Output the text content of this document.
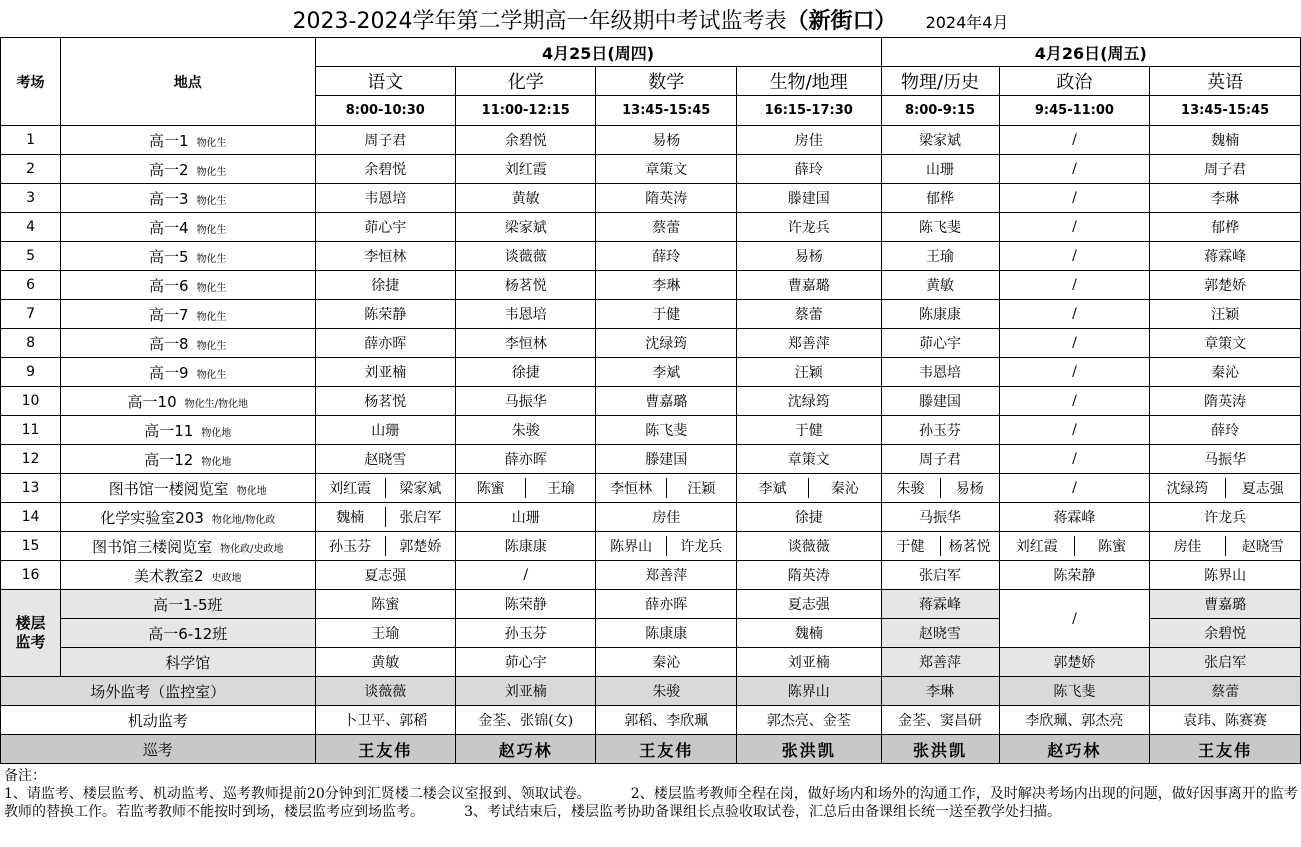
2023-2024学年第二学期高一年级期中考试监考表（新街口） 2024年4月
考场	地点	4月25日(周四)				4月26日(周五)		
		语文	化学	数学	生物/地理	物理/历史	政治	英语
		8:00-10:30	11:00-12:15	13:45-15:45	16:15-17:30	8:00-9:15	9:45-11:00	13:45-15:45
1	高一1 物化生	周子君	余碧悦	易杨	房佳	梁家斌	/	魏楠
2	高一2 物化生	余碧悦	刘红霞	章策文	薛玲	山珊	/	周子君
3	高一3 物化生	韦恩培	黄敏	隋英涛	滕建国	郁桦	/	李琳
4	高一4 物化生	茆心宇	梁家斌	蔡蕾	许龙兵	陈飞斐	/	郁桦
5	高一5 物化生	李恒林	谈薇薇	薛玲	易杨	王瑜	/	蒋霖峰
6	高一6 物化生	徐捷	杨茗悦	李琳	曹嘉璐	黄敏	/	郭楚娇
7	高一7 物化生	陈荣静	韦恩培	于健	蔡蕾	陈康康	/	汪颖
8	高一8 物化生	薛亦晖	李恒林	沈绿筠	郑善萍	茆心宇	/	章策文
9	高一9 物化生	刘亚楠	徐捷	李斌	汪颖	韦恩培	/	秦沁
10	高一10 物化生/物化地	杨茗悦	马振华	曹嘉璐	沈绿筠	滕建国	/	隋英涛
11	高一11 物化地	山珊	朱骏	陈飞斐	于健	孙玉芬	/	薛玲
12	高一12 物化地	赵晓雪	薛亦晖	滕建国	章策文	周子君	/	马振华
13	图书馆一楼阅览室 物化地	刘红霞 梁家斌	陈蜜 王瑜	李恒林 汪颖	李斌 秦沁	朱骏 易杨	/	沈绿筠 夏志强

14	化学实验室203 物化地/物化政	魏楠 张启军	山珊	房佳	徐捷	马振华	蒋霖峰	许龙兵
15	图书馆三楼阅览室 物化政/史政地	孙玉芬 郭楚娇	陈康康	陈界山 许龙兵	谈薇薇	于健 杨茗悦	刘红霞 陈蜜	房佳 赵晓雪

16	美术教室2 史政地	夏志强	/	郑善萍	隋英涛	张启军	陈荣静	陈界山
楼层监考	高一1-5班	陈蜜	陈荣静	薛亦晖	夏志强	蒋霖峰	/	曹嘉璐
	高一6-12班	王瑜	孙玉芬	陈康康	魏楠	赵晓雪		余碧悦
	科学馆	黄敏	茆心宇	秦沁	刘亚楠	郑善萍	郭楚娇	张启军
场外监考（监控室）		谈薇薇	刘亚楠	朱骏	陈界山	李琳	陈飞斐	蔡蕾
机动监考		卜卫平、郭稻	金荃、张锦(女)	郭稻、李欣珮	郭杰亮、金荃	金荃、窦昌研	李欣珮、郭杰亮	袁玮、陈赛赛
巡考		王友伟	赵巧林	王友伟	张洪凯	张洪凯	赵巧林	王友伟

备注：

1、请监考、楼层监考、机动监考、巡考教师提前20分钟到汇贤楼二楼会议室报到、领取试卷。	2、楼层监考教师全程在岗，做好场内和场外的沟通工作，及时解决考场内出现的问题，做好因事离开的监考教师的替换工作。若监考教师不能按时到场，楼层监考应到场监考。	3、考试结束后，楼层监考协助备课组长点验收取试卷，汇总后由备课组长统一送至教学处扫描。
